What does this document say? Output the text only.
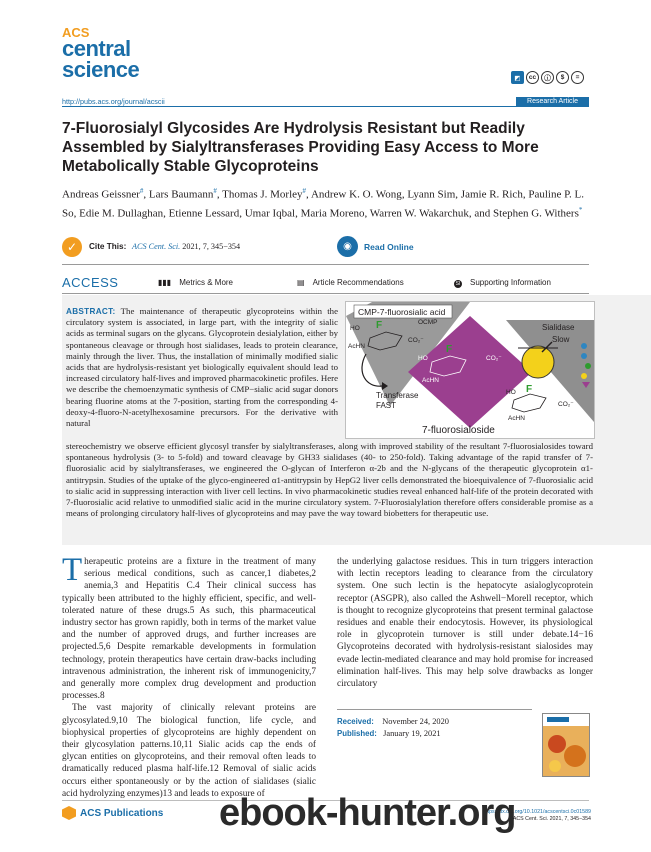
ACS
central
science	◩	cc	ⓘ	$	=
http://pubs.acs.org/journal/acscii	Research Article
7-Fluorosialyl Glycosides Are Hydrolysis Resistant but Readily Assembled by Sialyltransferases Providing Easy Access to More Metabolically Stable Glycoproteins
Andreas Geissner#, Lars Baumann#, Thomas J. Morley#, Andrew K. O. Wong, Lyann Sim, Jamie R. Rich, Pauline P. L. So, Edie M. Dullaghan, Etienne Lessard, Umar Iqbal, Maria Moreno, Warren W. Wakarchuk, and Stephen G. Withers*
✓	Cite This: ACS Cent. Sci. 2021, 7, 345−354	◉	Read Online
ACCESS	▮▮▮ Metrics & More	▤ Article Recommendations	SI Supporting Information
ABSTRACT: The maintenance of therapeutic glycoproteins within the circulatory system is associated, in large part, with the integrity of sialic acids as terminal sugars on the glycans. Glycoprotein desialylation, either by spontaneous cleavage or through host sialidases, leads to protein clearance, mainly through the liver. Thus, the installation of minimally modified sialic acids that are hydrolysis-resistant yet biologically equivalent should lead to increased circulatory half-lives and improved pharmacokinetic profiles. Here we describe the chemoenzymatic synthesis of CMP−sialic acid sugar donors bearing fluorine atoms at the 7-position, starting from the corresponding 4-deoxy-4-fluoro-N-acetylhexosamine precursors. For the derivative with natural
stereochemistry we observe efficient glycosyl transfer by sialyltransferases, along with improved stability of the resultant 7-fluorosialosides toward spontaneous hydrolysis (3- to 5-fold) and toward cleavage by GH33 sialidases (40- to 250-fold). Taking advantage of the rapid transfer of 7-fluorosialic acid by sialyltransferases, we engineered the O-glycan of Interferon α-2b and the N-glycans of the therapeutic glycoprotein α1-antitrypsin. Studies of the uptake of the glyco-engineered α1-antitrypsin by HepG2 liver cells demonstrated the bioequivalence of 7-fluorosialic acid to sialic acid in suppressing interaction with liver cell lectins. In vivo pharmacokinetic studies reveal enhanced half-life of the protein decorated with 7-fluorosialic acid relative to unmodified sialic acid in the murine circulatory system. 7-Fluorosialylation therefore offers considerable promise as a means of prolonging circulatory half-lives of glycoproteins and may pave the way toward biobetters for therapeutic use.
CMP-7-fluorosialic acid
OCMP
CO₂⁻
HO F
AcHN
Transferase
FAST
HO
F
AcHN
CO₂⁻
Sialidase
Slow
HO F
AcHN
CO₂⁻
7-fluorosialoside

Therapeutic proteins are a fixture in the treatment of many serious medical conditions, such as cancer,1 diabetes,2 anemia,3 and Hepatitis C.4 Their clinical success has typically been attributed to the highly efficient, specific, and well-tolerated nature of these drugs.5 As such, this pharmaceutical industry sector has grown rapidly, both in terms of the market value and the number of approved drugs, and further increases are projected.5,6 Despite remarkable developments in formulation technology, protein therapeutics have certain draw-backs including intravenous administration, the inherent risk of immunogenicity,7 and generally more complex drug development and production processes.8

The vast majority of clinically relevant proteins are glycosylated.9,10 The biological function, life cycle, and biophysical properties of glycoproteins are highly dependent on their glycosylation patterns.10,11 Sialic acids cap the ends of glycan entities on glycoproteins, and their removal often leads to dramatically reduced plasma half-life.12 Removal of sialic acids occurs either spontaneously or by the action of sialidases (sialic acid hydrolyzing enzymes)13 and leads to exposure of

the underlying galactose residues. This in turn triggers interaction with lectin receptors leading to clearance from the circulatory system. One such lectin is the hepatocyte asialoglycoprotein receptor (ASGPR), also called the Ashwell−Morell receptor, which is thought to recognize glycoproteins that present terminal galactose residues and enable their endocytosis. However, its physiological role in glycoprotein turnover is still under debate.14−16 Glycoproteins decorated with hydrolysis-resistant sialosides may evade lectin-mediated clearance and may hold promise for increased elimination half-lives. This may help solve drawbacks as longer circulatory

Received: November 24, 2020
Published: January 19, 2021
ACS Publications	https://dx.doi.org/10.1021/acscentsci.0c01589
ACS Cent. Sci. 2021, 7, 345−354
ebook-hunter.org
